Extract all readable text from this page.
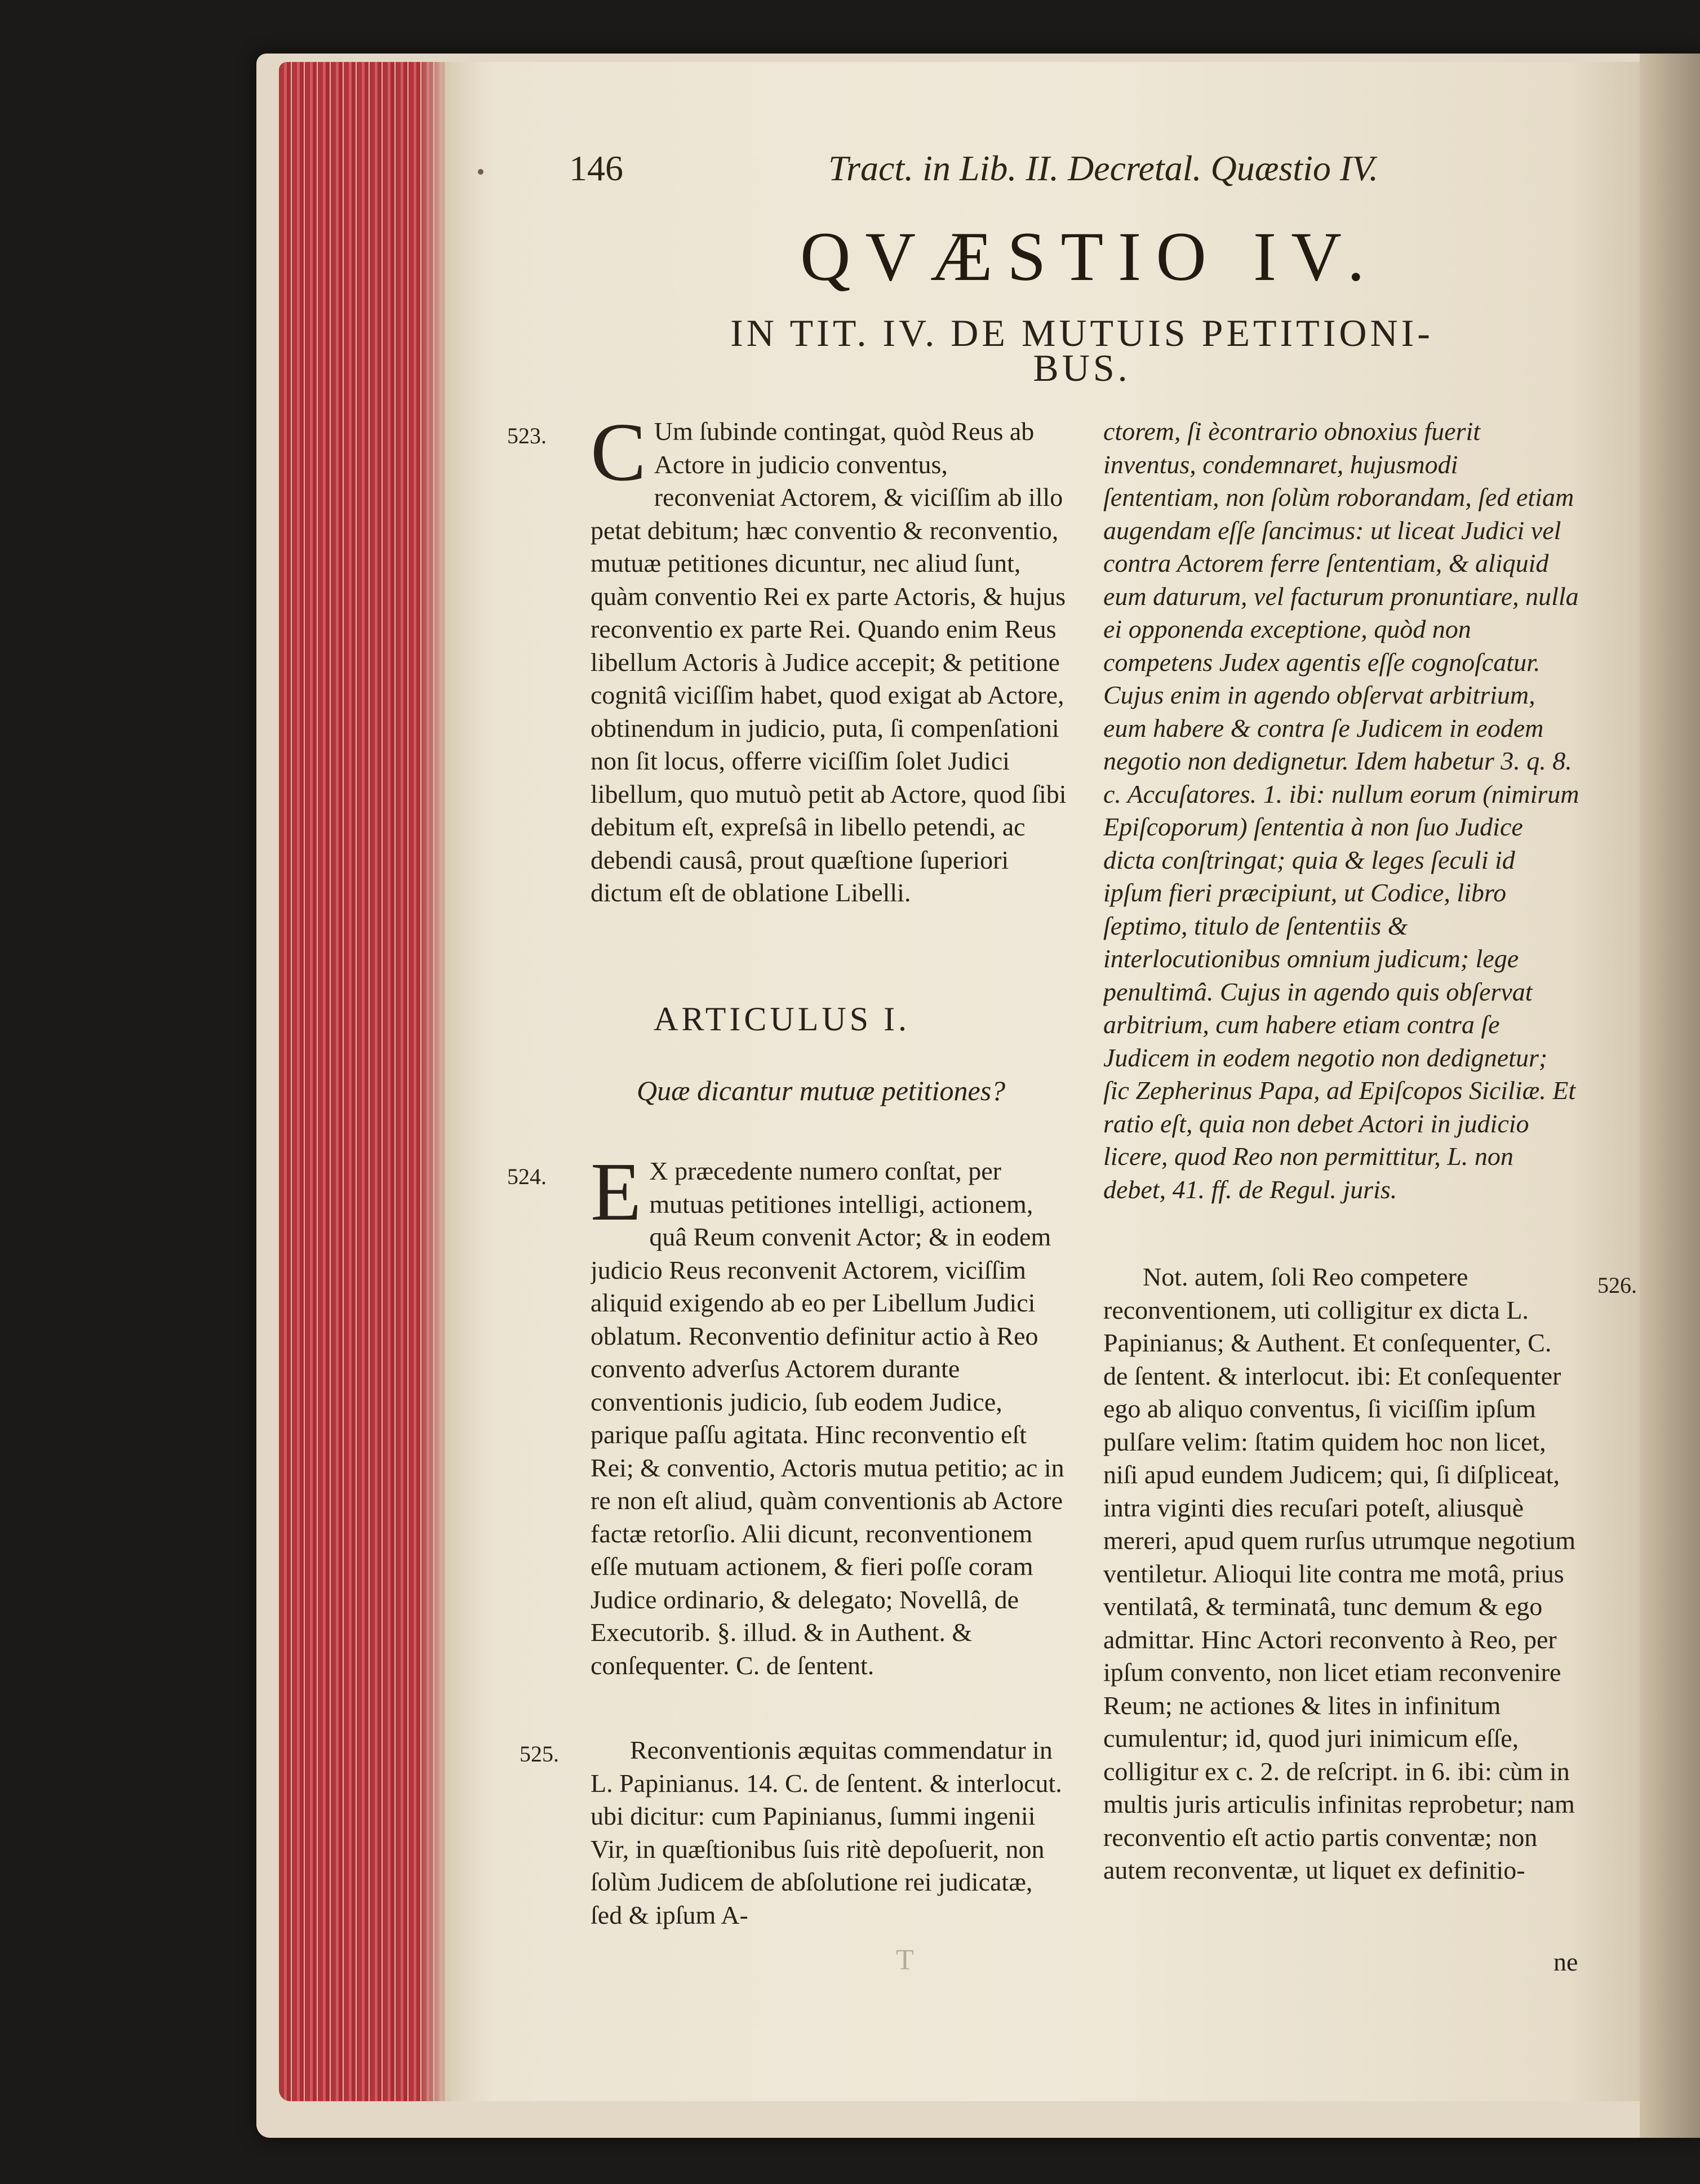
146	Tract. in Lib. II. Decretal. Quæstio IV.
QVÆSTIO IV.
IN TIT. IV. DE MUTUIS PETITIONI-
BUS.
523.
524.
525.
526.
C Um ſubinde contingat, quòd Reus ab Actore in judicio conventus, reconveniat Actorem, & viciſſim ab illo petat debitum; hæc conventio & reconventio, mutuæ petitiones dicuntur, nec aliud ſunt, quàm conventio Rei ex parte Actoris, & hujus reconventio ex parte Rei. Quando enim Reus libellum Actoris à Judice accepit; & petitione cognitâ viciſſim habet, quod exigat ab Actore, obtinendum in judicio, puta, ſi compenſationi non ſit locus, offerre viciſſim ſolet Judici libellum, quo mutuò petit ab Actore, quod ſibi debitum eſt, expreſsâ in libello petendi, ac debendi causâ, prout quæſtione ſuperiori dictum eſt de oblatione Libelli.

ARTICULUS I.
Quæ dicantur mutuæ petitiones?
E X præcedente numero conſtat, per mutuas petitiones intelligi, actionem, quâ Reum convenit Actor; & in eodem judicio Reus reconvenit Actorem, viciſſim aliquid exigendo ab eo per Libellum Judici oblatum. Reconventio definitur actio à Reo convento adverſus Actorem durante conventionis judicio, ſub eodem Judice, parique paſſu agitata. Hinc reconventio eſt Rei; & conventio, Actoris mutua petitio; ac in re non eſt aliud, quàm conventionis ab Actore factæ retorſio. Alii dicunt, reconventionem eſſe mutuam actionem, & fieri poſſe coram Judice ordinario, & delegato; Novellâ, de Executorib. §. illud. & in Authent. & conſequenter. C. de ſentent.

Reconventionis æquitas commendatur in L. Papinianus. 14. C. de ſentent. & interlocut. ubi dicitur: cum Papinianus, ſummi ingenii Vir, in quæſtionibus ſuis ritè depoſuerit, non ſolùm Judicem de abſolutione rei judicatæ, ſed & ipſum A-

ctorem, ſi ècontrario obnoxius fuerit inventus, condemnaret, hujusmodi ſententiam, non ſolùm roborandam, ſed etiam augendam eſſe ſancimus: ut liceat Judici vel contra Actorem ferre ſententiam, & aliquid eum daturum, vel facturum pronuntiare, nulla ei opponenda exceptione, quòd non competens Judex agentis eſſe cognoſcatur. Cujus enim in agendo obſervat arbitrium, eum habere & contra ſe Judicem in eodem negotio non dedignetur. Idem habetur 3. q. 8. c. Accuſatores. 1. ibi: nullum eorum (nimirum Epiſcoporum) ſententia à non ſuo Judice dicta conſtringat; quia & leges ſeculi id ipſum fieri præcipiunt, ut Codice, libro ſeptimo, titulo de ſententiis & interlocutionibus omnium judicum; lege penultimâ. Cujus in agendo quis obſervat arbitrium, cum habere etiam contra ſe Judicem in eodem negotio non dedignetur; ſic Zepherinus Papa, ad Epiſcopos Siciliæ. Et ratio eſt, quia non debet Actori in judicio licere, quod Reo non permittitur, L. non debet, 41. ff. de Regul. juris.

Not. autem, ſoli Reo competere reconventionem, uti colligitur ex dicta L. Papinianus; & Authent. Et conſequenter, C. de ſentent. & interlocut. ibi: Et conſequenter ego ab aliquo conventus, ſi viciſſim ipſum pulſare velim: ſtatim quidem hoc non licet, niſi apud eundem Judicem; qui, ſi diſpliceat, intra viginti dies recuſari poteſt, aliusquè mereri, apud quem rurſus utrumque negotium ventiletur. Alioqui lite contra me motâ, prius ventilatâ, & terminatâ, tunc demum & ego admittar. Hinc Actori reconvento à Reo, per ipſum convento, non licet etiam reconvenire Reum; ne actiones & lites in infinitum cumulentur; id, quod juri inimicum eſſe, colligitur ex c. 2. de reſcript. in 6. ibi: cùm in multis juris articulis infinitas reprobetur; nam reconventio eſt actio partis conventæ; non autem reconventæ, ut liquet ex definitio-

ne
T
